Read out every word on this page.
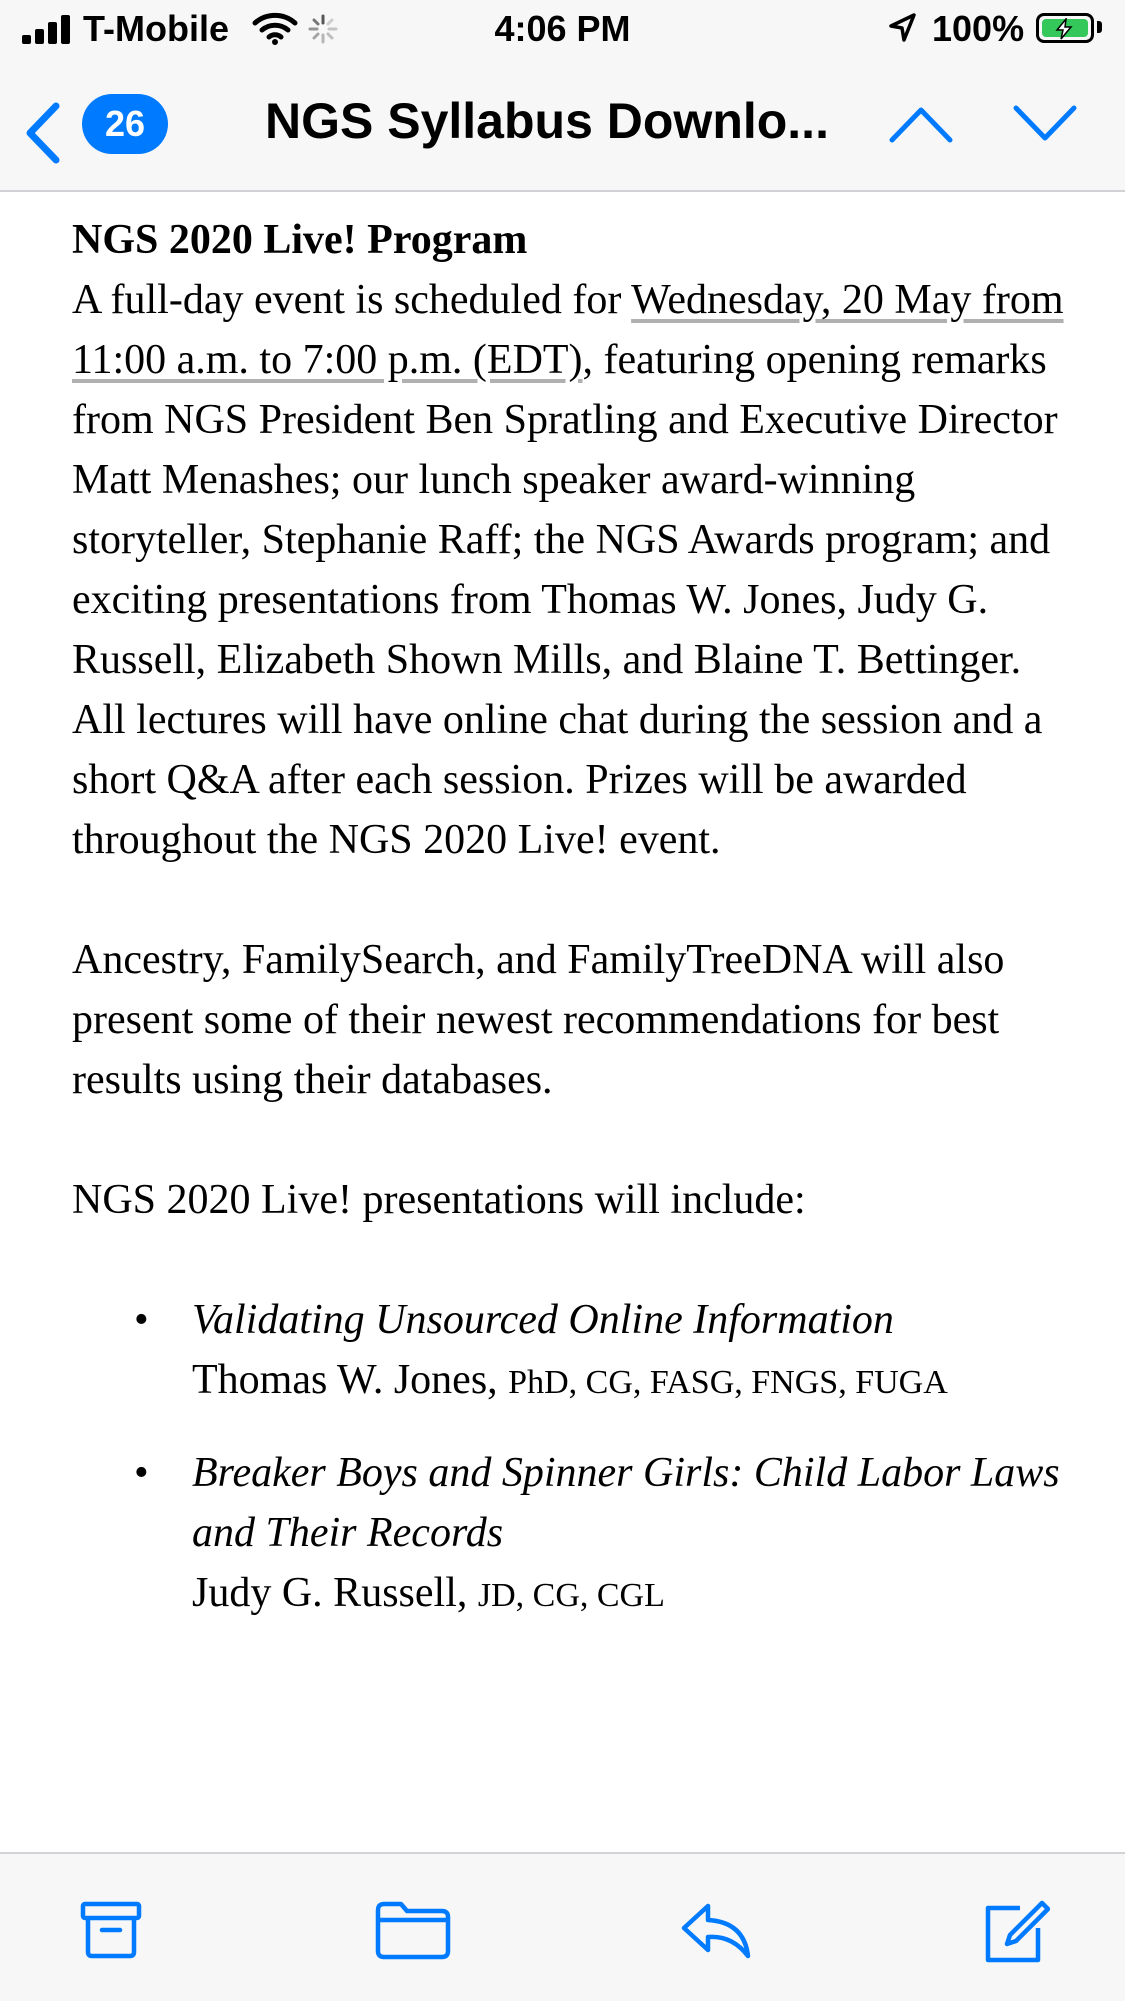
T-Mobile	4:06 PM	100%
26	NGS Syllabus Downlo...

NGS 2020 Live! Program

A full-day event is scheduled for Wednesday, 20 May from 11:00 a.m. to 7:00 p.m. (EDT), featuring opening remarks from NGS President Ben Spratling and Executive Director Matt Menashes; our lunch speaker award-winning storyteller, Stephanie Raff; the NGS Awards program; and exciting presentations from Thomas W. Jones, Judy G. Russell, Elizabeth Shown Mills, and Blaine T. Bettinger. All lectures will have online chat during the session and a short Q&A after each session. Prizes will be awarded throughout the NGS 2020 Live! event.

Ancestry, FamilySearch, and FamilyTreeDNA will also present some of their newest recommendations for best results using their databases.

NGS 2020 Live! presentations will include:

• Validating Unsourced Online Information
Thomas W. Jones, PhD, CG, FASG, FNGS, FUGA
• Breaker Boys and Spinner Girls: Child Labor Laws and Their Records
Judy G. Russell, JD, CG, CGL
